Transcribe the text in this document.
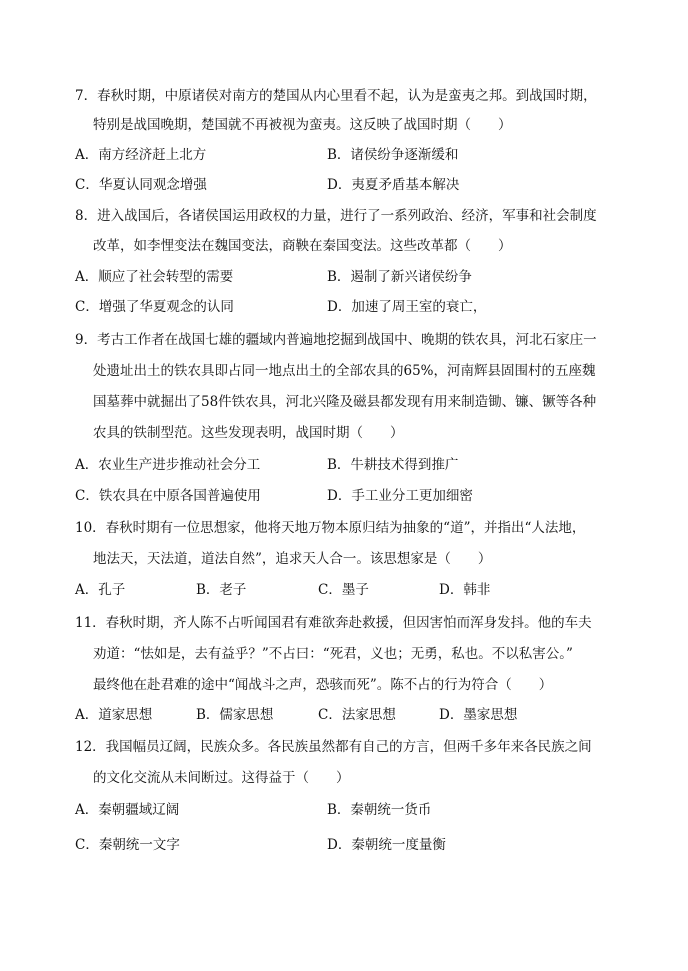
7．春秋时期，中原诸侯对南方的楚国从内心里看不起，认为是蛮夷之邦。到战国时期，
特别是战国晚期，楚国就不再被视为蛮夷。这反映了战国时期（　　）
A．南方经济赶上北方	B．诸侯纷争逐渐缓和
C．华夏认同观念增强	D．夷夏矛盾基本解决
8．进入战国后，各诸侯国运用政权的力量，进行了一系列政治、经济，军事和社会制度
改革，如李悝变法在魏国变法，商鞅在秦国变法。这些改革都（　　）
A．顺应了社会转型的需要	B．遏制了新兴诸侯纷争
C．增强了华夏观念的认同	D．加速了周王室的衰亡，
9．考古工作者在战国七雄的疆域内普遍地挖掘到战国中、晚期的铁农具，河北石家庄一
处遗址出土的铁农具即占同一地点出土的全部农具的65%，河南辉县固围村的五座魏
国墓葬中就掘出了58件铁农具，河北兴隆及磁县都发现有用来制造锄、镰、镢等各种
农具的铁制型范。这些发现表明，战国时期（　　）
A．农业生产进步推动社会分工	B．牛耕技术得到推广
C．铁农具在中原各国普遍使用	D．手工业分工更加细密
10．春秋时期有一位思想家，他将天地万物本原归结为抽象的“道”，并指出“人法地，
地法天，天法道，道法自然”，追求天人合一。该思想家是（　　）
A．孔子	B．老子	C．墨子	D．韩非
11．春秋时期，齐人陈不占听闻国君有难欲奔赴救援，但因害怕而浑身发抖。他的车夫
劝道：“怯如是，去有益乎？”不占曰：“死君，义也；无勇，私也。不以私害公。”
最终他在赴君难的途中“闻战斗之声，恐骇而死”。陈不占的行为符合（　　）
A．道家思想	B．儒家思想	C．法家思想	D．墨家思想
12．我国幅员辽阔，民族众多。各民族虽然都有自己的方言，但两千多年来各民族之间
的文化交流从未间断过。这得益于（　　）
A．秦朝疆域辽阔	B．秦朝统一货币
C．秦朝统一文字	D．秦朝统一度量衡
